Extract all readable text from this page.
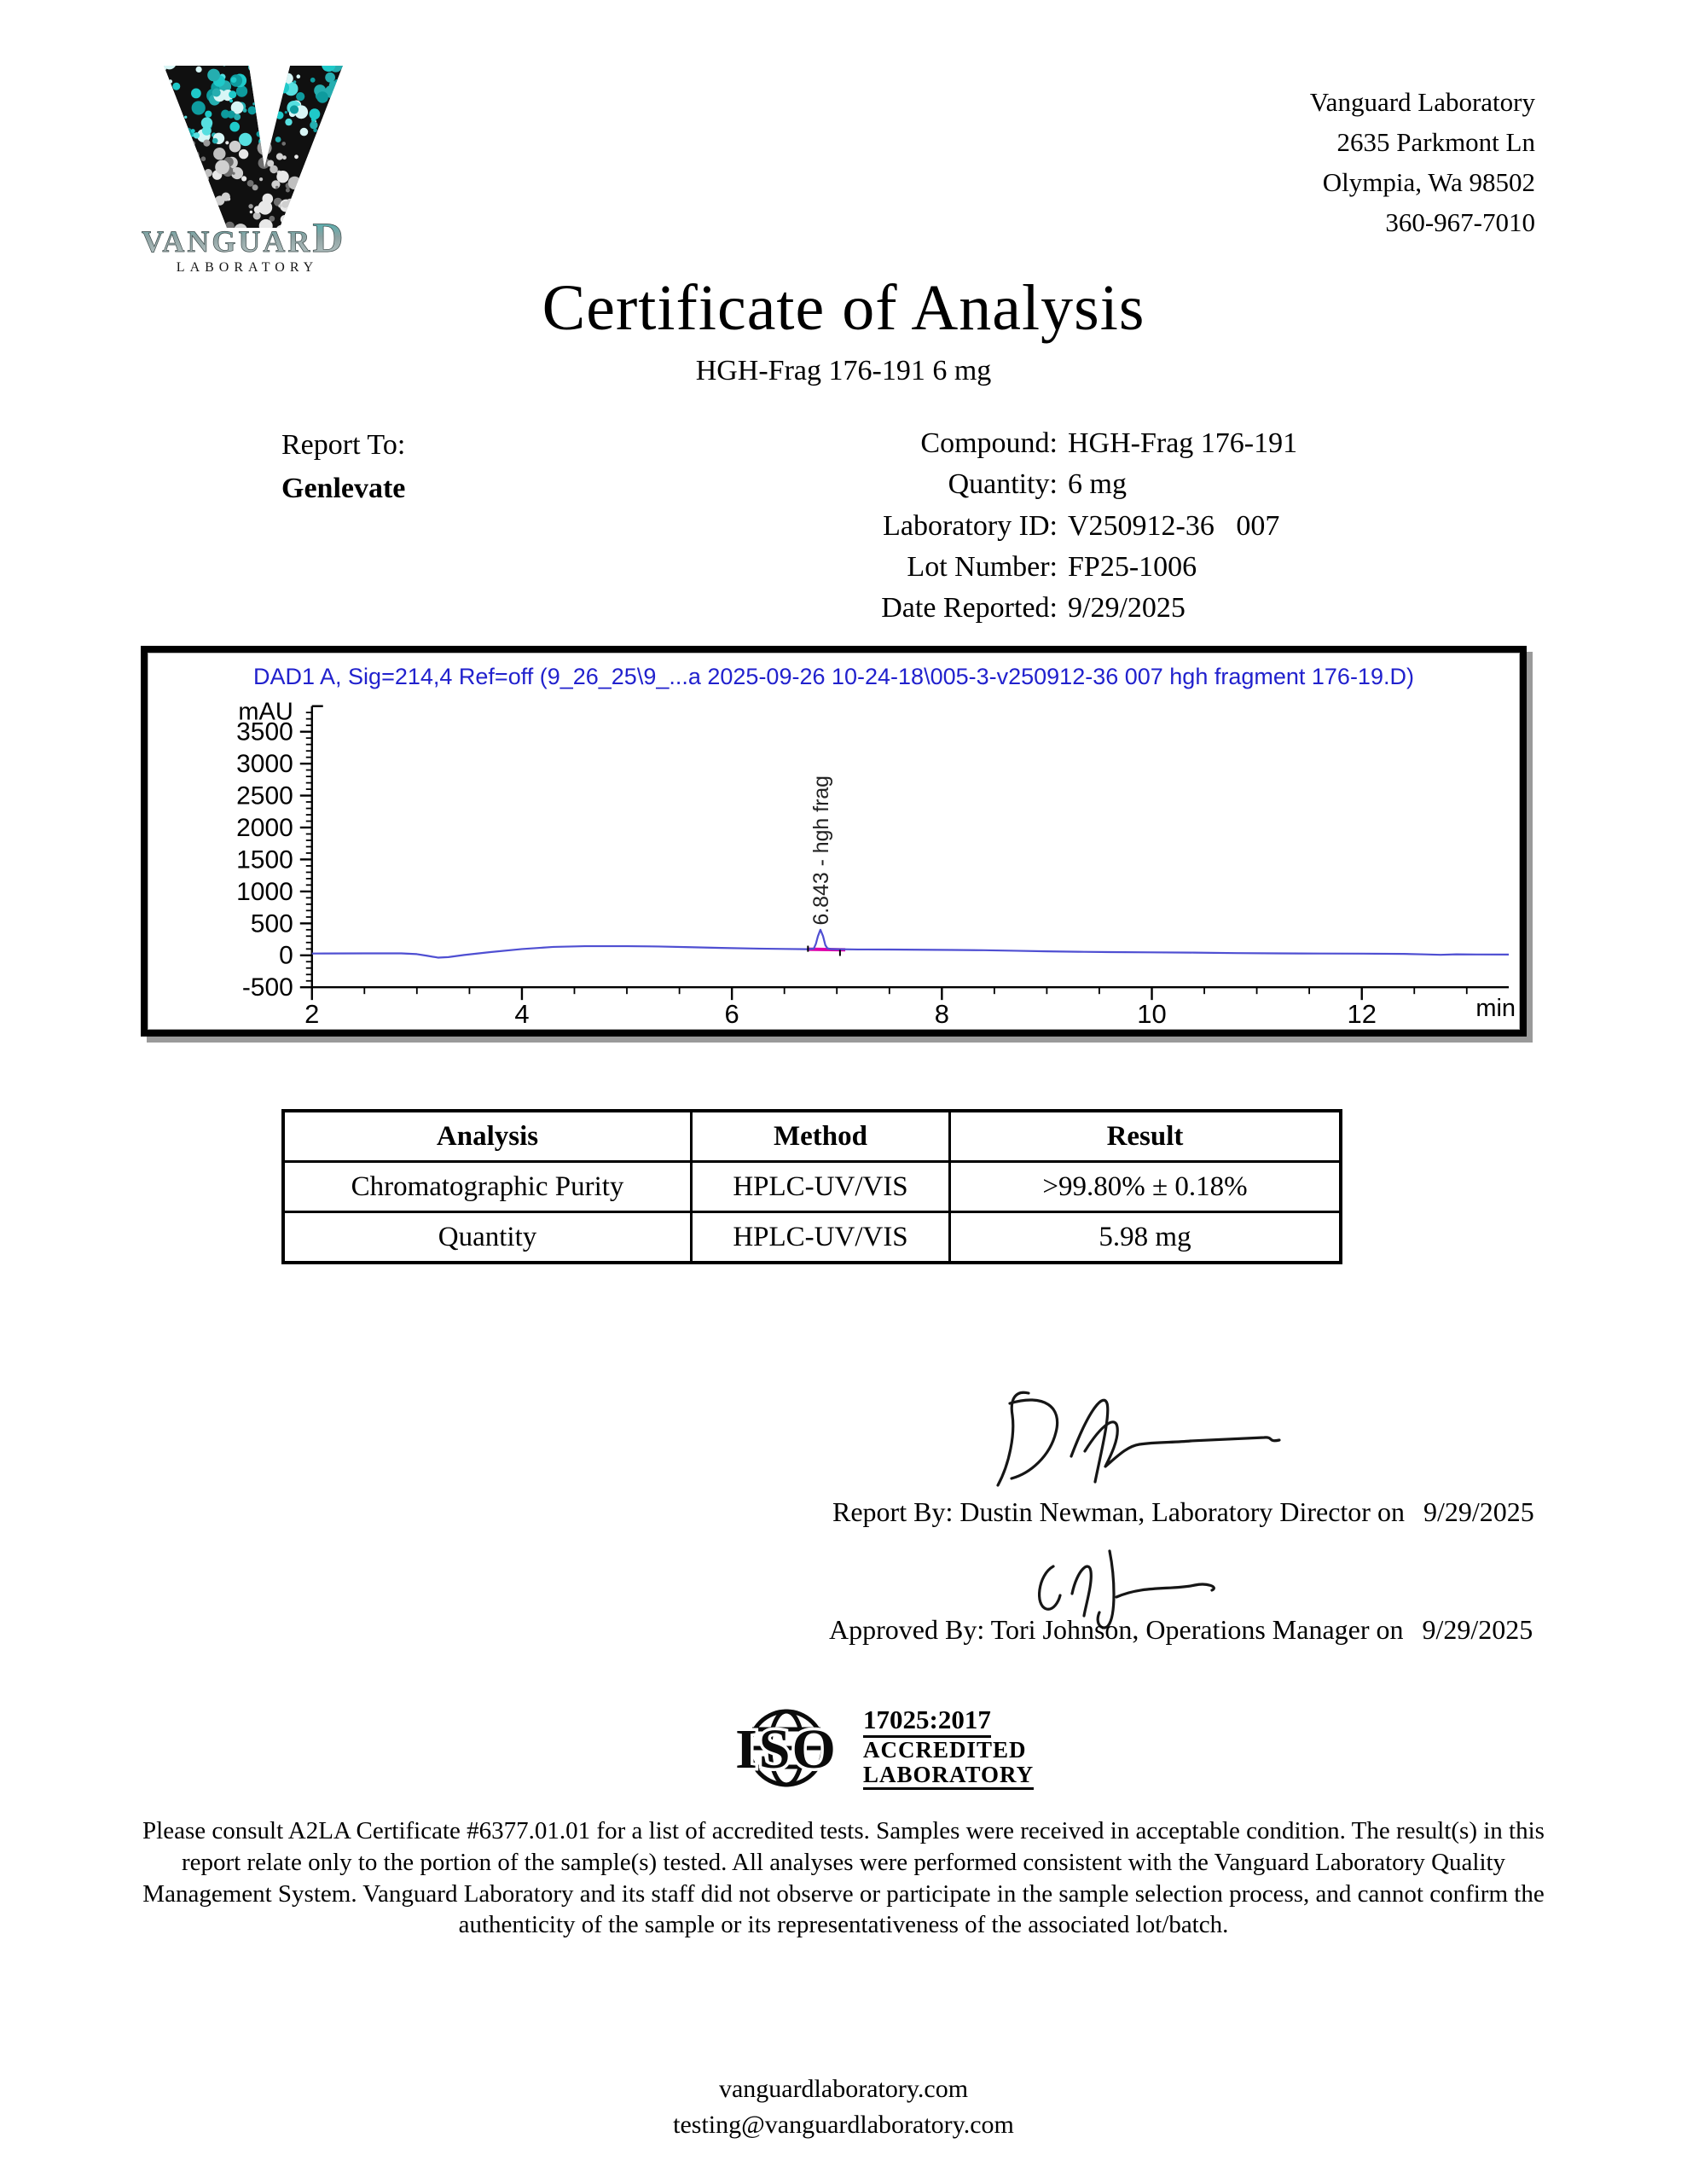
VANGUARD
LABORATORY
Vanguard Laboratory
2635 Parkmont Ln
Olympia, Wa 98502
360-967-7010
Certificate of Analysis
HGH-Frag 176-191 6 mg
Report To:
Genlevate
Compound: HGH-Frag 176-191
Quantity: 6 mg
Laboratory ID: V250912-36   007
Lot Number: FP25-1006
Date Reported: 9/29/2025
-500
0
500
1000
1500
2000
2500
3000
3500
mAU
2	4	6	8	10	12	min
6.843 - hgh frag
DAD1 A, Sig=214,4 Ref=off (9_26_25\9_...a 2025-09-26 10-24-18\005-3-v250912-36 007 hgh fragment 176-19.D)
Analysis	Method	Result
Chromatographic Purity	HPLC-UV/VIS	>99.80% ± 0.18%
Quantity	HPLC-UV/VIS	5.98 mg
Report By: Dustin Newman, Laboratory Director on 9/29/2025
Approved By: Tori Johnson, Operations Manager on 9/29/2025
ISO 17025:2017
ACCREDITED
LABORATORY
Please consult A2LA Certificate #6377.01.01 for a list of accredited tests. Samples were received in acceptable condition. The result(s) in this report relate only to the portion of the sample(s) tested. All analyses were performed consistent with the Vanguard Laboratory Quality Management System. Vanguard Laboratory and its staff did not observe or participate in the sample selection process, and cannot confirm the authenticity of the sample or its representativeness of the associated lot/batch.
vanguardlaboratory.com
testing@vanguardlaboratory.com
